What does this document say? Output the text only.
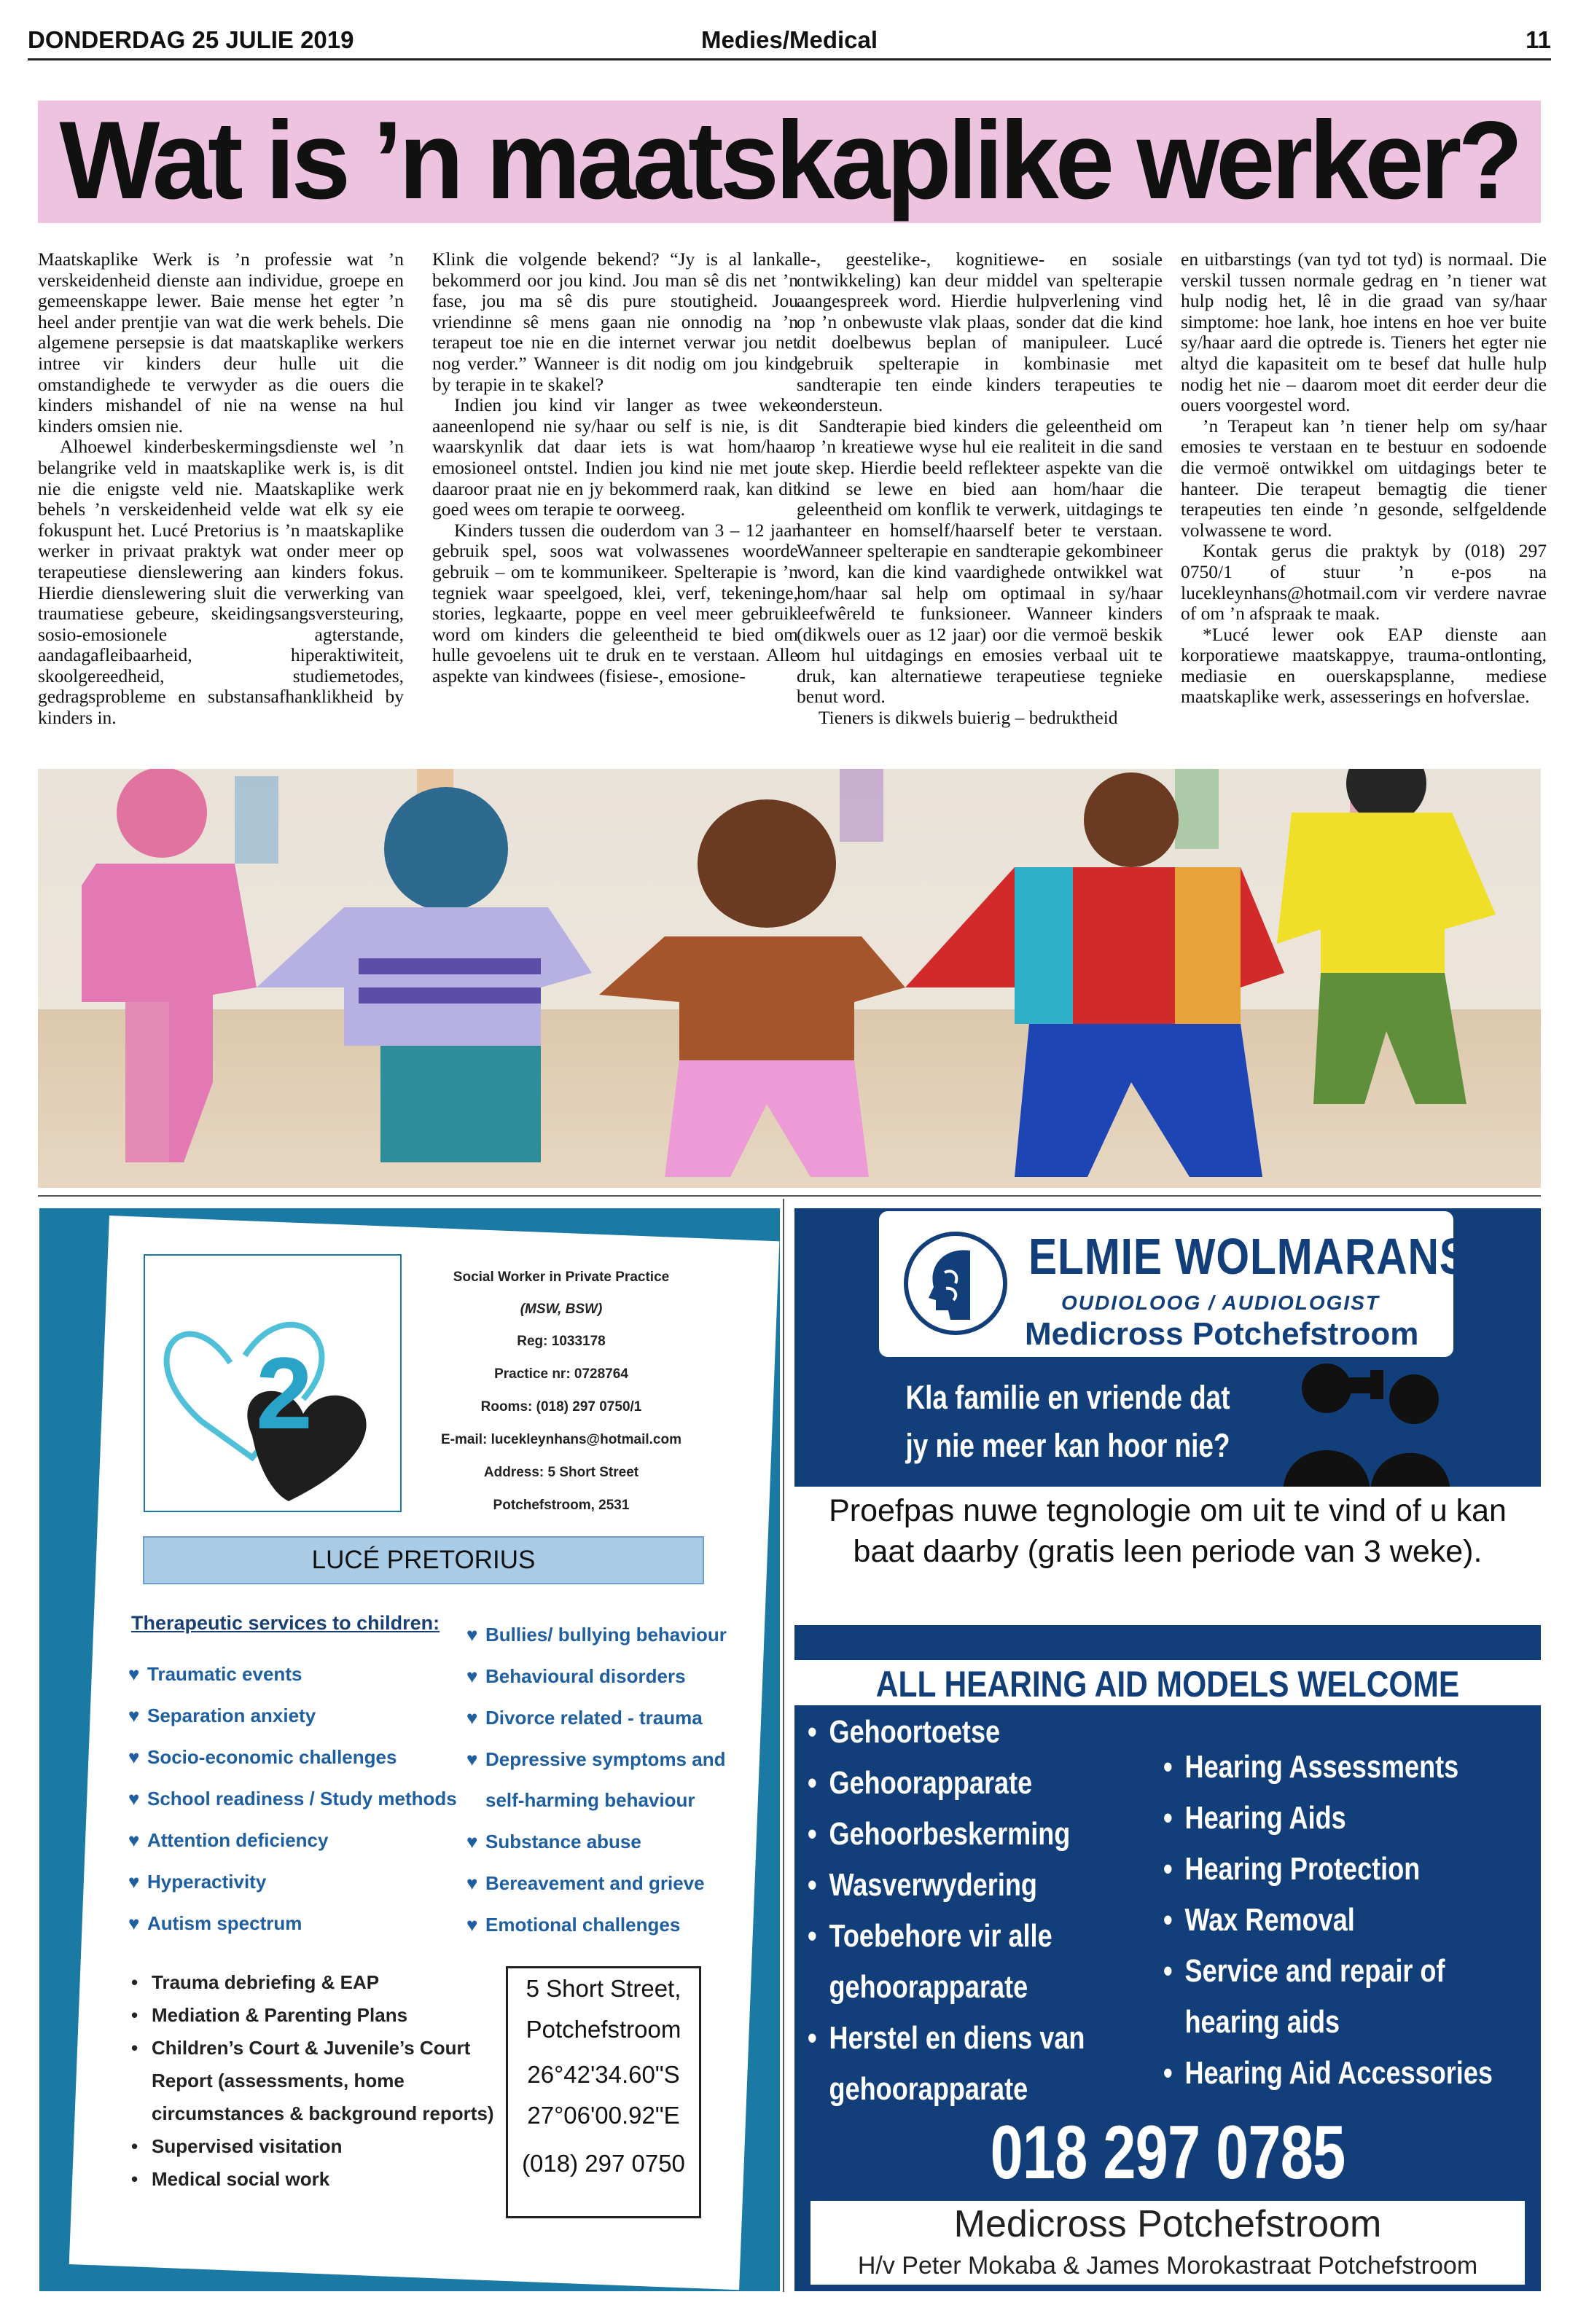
DONDERDAG 25 JULIE 2019	Medies/Medical	11
Wat is ’n maatskaplike werker?

Maatskaplike Werk is ’n professie wat ’n verskeidenheid dienste aan individue, groepe en gemeenskappe lewer. Baie mense het egter ’n heel ander prentjie van wat die werk behels. Die algemene persepsie is dat maatskaplike werkers intree vir kinders deur hulle uit die omstandighede te verwyder as die ouers die kinders mishandel of nie na wense na hul kinders omsien nie.

Alhoewel kinderbeskermingsdienste wel ’n belangrike veld in maatskaplike werk is, is dit nie die enigste veld nie. Maatskaplike werk behels ’n verskeidenheid velde wat elk sy eie fokuspunt het. Lucé Pretorius is ’n maatskaplike werker in privaat praktyk wat onder meer op terapeutiese dienslewering aan kinders fokus. Hierdie dienslewering sluit die verwerking van traumatiese gebeure, skeidingsangsversteuring, sosio-emosionele agterstande, aandagafleibaarheid, hiperaktiwiteit, skoolgereedheid, studiemetodes, gedragsprobleme en substansafhanklikheid by kinders in.

Klink die volgende bekend? “Jy is al lankal bekommerd oor jou kind. Jou man sê dis net ’n fase, jou ma sê dis pure stoutigheid. Jou vriendinne sê mens gaan nie onnodig na ’n terapeut toe nie en die internet verwar jou net nog verder.” Wanneer is dit nodig om jou kind by terapie in te skakel?

Indien jou kind vir langer as twee weke aaneenlopend nie sy/haar ou self is nie, is dit waarskynlik dat daar iets is wat hom/haar emosioneel ontstel. Indien jou kind nie met jou daaroor praat nie en jy bekommerd raak, kan dit goed wees om terapie te oorweeg.

Kinders tussen die ouderdom van 3 – 12 jaar gebruik spel, soos wat volwassenes woorde gebruik – om te kommunikeer. Spelterapie is ’n tegniek waar speelgoed, klei, verf, tekeninge, stories, legkaarte, poppe en veel meer gebruik word om kinders die geleentheid te bied om hulle gevoelens uit te druk en te verstaan. Alle aspekte van kindwees (fisiese-, emosione-

le-, geestelike-, kognitiewe- en sosiale ontwikkeling) kan deur middel van spelterapie aangespreek word. Hierdie hulpverlening vind op ’n onbewuste vlak plaas, sonder dat die kind dit doelbewus beplan of manipuleer. Lucé gebruik spelterapie in kombinasie met sandterapie ten einde kinders terapeuties te ondersteun.

Sandterapie bied kinders die geleentheid om op ’n kreatiewe wyse hul eie realiteit in die sand te skep. Hierdie beeld reflekteer aspekte van die kind se lewe en bied aan hom/haar die geleentheid om konflik te verwerk, uitdagings te hanteer en homself/haarself beter te verstaan. Wanneer spelterapie en sandterapie gekombineer word, kan die kind vaardighede ontwikkel wat hom/haar sal help om optimaal in sy/haar leefwêreld te funksioneer. Wanneer kinders (dikwels ouer as 12 jaar) oor die vermoë beskik om hul uitdagings en emosies verbaal uit te druk, kan alternatiewe terapeutiese tegnieke benut word.

Tieners is dikwels buierig – bedruktheid

en uitbarstings (van tyd tot tyd) is normaal. Die verskil tussen normale gedrag en ’n tiener wat hulp nodig het, lê in die graad van sy/haar simptome: hoe lank, hoe intens en hoe ver buite sy/haar aard die optrede is. Tieners het egter nie altyd die kapasiteit om te besef dat hulle hulp nodig het nie – daarom moet dit eerder deur die ouers voorgestel word.

’n Terapeut kan ’n tiener help om sy/haar emosies te verstaan en te bestuur en sodoende die vermoë ontwikkel om uitdagings beter te hanteer. Die terapeut bemagtig die tiener terapeuties ten einde ’n gesonde, selfgeldende volwassene te word.

Kontak gerus die praktyk by (018) 297 0750/1 of stuur ’n e-pos na lucekleynhans@hotmail.com vir verdere navrae of om ’n afspraak te maak.

*Lucé lewer ook EAP dienste aan korporatiewe maatskappye, trauma-ontlonting, mediasie en ouerskapsplanne, mediese maatskaplike werk, assesserings en hofverslae.

2
Social Worker in Private Practice
(MSW, BSW)
Reg: 1033178
Practice nr: 0728764
Rooms: (018) 297 0750/1
E-mail: lucekleynhans@hotmail.com
Address: 5 Short Street
Potchefstroom, 2531
LUCÉ PRETORIUS
Therapeutic services to children:
♥ Traumatic events
♥ Separation anxiety
♥ Socio-economic challenges
♥ School readiness / Study methods
♥ Attention deficiency
♥ Hyperactivity
♥ Autism spectrum
♥ Bullies/ bullying behaviour
♥ Behavioural disorders
♥ Divorce related - trauma
♥ Depressive symptoms and
self-harming behaviour
♥ Substance abuse
♥ Bereavement and grieve
♥ Emotional challenges
• Trauma debriefing & EAP
• Mediation & Parenting Plans
• Children’s Court & Juvenile’s Court
Report (assessments, home
circumstances & background reports)
• Supervised visitation
• Medical social work
5 Short Street,
Potchefstroom
26°42'34.60"S
27°06'00.92"E
(018) 297 0750
ELMIE WOLMARANS
OUDIOLOOG / AUDIOLOGIST
Medicross Potchefstroom
Kla familie en vriende dat jy nie meer kan hoor nie?
Proefpas nuwe tegnologie om uit te vind of u kan baat daarby (gratis leen periode van 3 weke).
ALLE MEDIESE FONDSE WELKOM.
ALL HEARING AID MODELS WELCOME
• Gehoortoetse
• Gehoorapparate
• Gehoorbeskerming
• Wasverwydering
• Toebehore vir alle
gehoorapparate
• Herstel en diens van
gehoorapparate
• Hearing Assessments
• Hearing Aids
• Hearing Protection
• Wax Removal
• Service and repair of
hearing aids
• Hearing Aid Accessories
018 297 0785
Medicross Potchefstroom
H/v Peter Mokaba & James Morokastraat Potchefstroom
